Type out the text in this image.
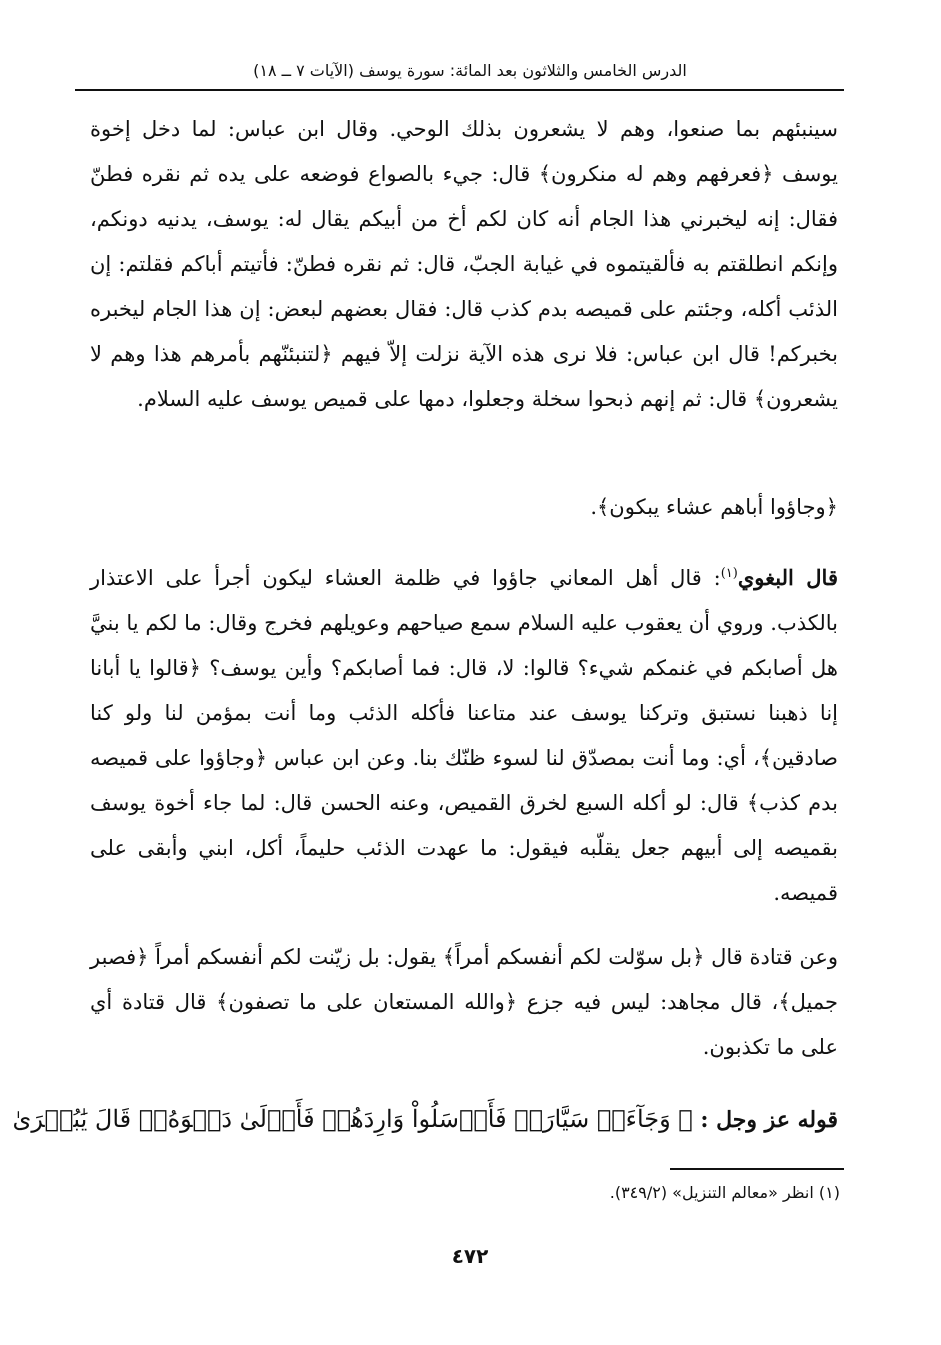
الدرس الخامس والثلاثون بعد المائة: سورة يوسف (الآيات ٧ ــ ١٨)

سينبئهم بما صنعوا، وهم لا يشعرون بذلك الوحي. وقال ابن عباس: لما دخل إخوة يوسف ﴿فعرفهم وهم له منكرون﴾ قال: جيء بالصواع فوضعه على يده ثم نقره فطنّ فقال: إنه ليخبرني هذا الجام أنه كان لكم أخ من أبيكم يقال له: يوسف، يدنيه دونكم، وإنكم انطلقتم به فألقيتموه في غيابة الجبّ، قال: ثم نقره فطنّ: فأتيتم أباكم فقلتم: إن الذئب أكله، وجئتم على قميصه بدم كذب قال: فقال بعضهم لبعض: إن هذا الجام ليخبره بخبركم! قال ابن عباس: فلا نرى هذه الآية نزلت إلاّ فيهم ﴿لتنبئنّهم بأمرهم هذا وهم لا يشعرون﴾ قال: ثم إنهم ذبحوا سخلة وجعلوا، دمها على قميص يوسف عليه السلام.

﴿وجاؤوا أباهم عشاء يبكون﴾.

قال البغوي$^{(١)}$: قال أهل المعاني جاؤوا في ظلمة العشاء ليكون أجرأ على الاعتذار بالكذب. وروي أن يعقوب عليه السلام سمع صياحهم وعويلهم فخرج وقال: ما لكم يا بنيَّ هل أصابكم في غنمكم شيء؟ قالوا: لا، قال: فما أصابكم؟ وأين يوسف؟ ﴿قالوا يا أبانا إنا ذهبنا نستبق وتركنا يوسف عند متاعنا فأكله الذئب وما أنت بمؤمن لنا ولو كنا صادقين﴾، أي: وما أنت بمصدّق لنا لسوء ظنّك بنا. وعن ابن عباس ﴿وجاؤوا على قميصه بدم كذب﴾ قال: لو أكله السبع لخرق القميص، وعنه الحسن قال: لما جاء أخوة يوسف بقميصه إلى أبيهم جعل يقلّبه فيقول: ما عهدت الذئب حليماً، أكل، ابني وأبقى على قميصه.

وعن قتادة قال ﴿بل سوّلت لكم أنفسكم أمراً﴾ يقول: بل زيّنت لكم أنفسكم أمراً ﴿فصبر جميل﴾، قال مجاهد: ليس فيه جزع ﴿والله المستعان على ما تصفون﴾ قال قتادة أي على ما تكذبون.

قوله عز وجل : ﴿ وَجَآءَتۡ سَيَّارَةٞ فَأَرۡسَلُواْ وَارِدَهُمۡ فَأَدۡلَىٰ دَلۡوَهُۥۖ قَالَ يَٰبُشۡرَىٰ
(١) انظر «معالم التنزيل» (٣٤٩/٢).
٤٧٢
